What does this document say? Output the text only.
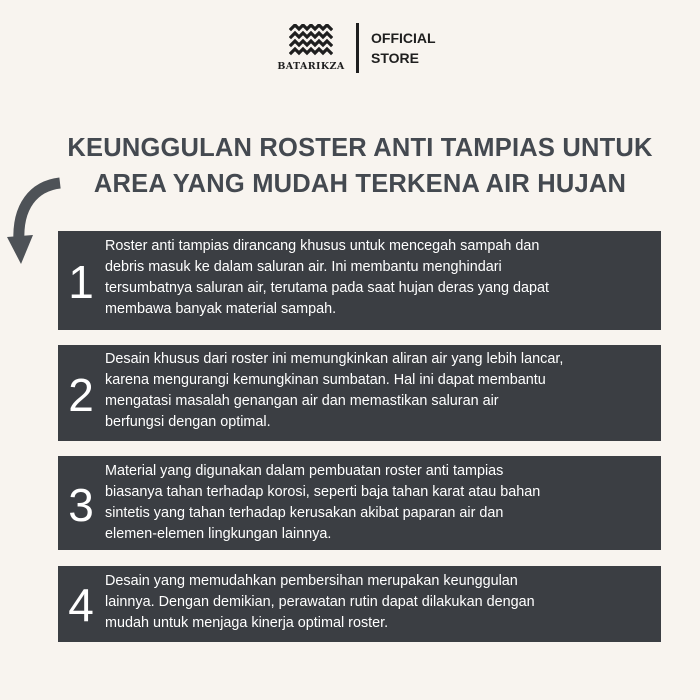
BATARIKZA
OFFICIAL
STORE
KEUNGGULAN ROSTER ANTI TAMPIAS UNTUK
AREA YANG MUDAH TERKENA AIR HUJAN
1
Roster anti tampias dirancang khusus untuk mencegah sampah dan
debris masuk ke dalam saluran air. Ini membantu menghindari
tersumbatnya saluran air, terutama pada saat hujan deras yang dapat
membawa banyak material sampah.
2
Desain khusus dari roster ini memungkinkan aliran air yang lebih lancar,
karena mengurangi kemungkinan sumbatan. Hal ini dapat membantu
mengatasi masalah genangan air dan memastikan saluran air
berfungsi dengan optimal.
3
Material yang digunakan dalam pembuatan roster anti tampias
biasanya tahan terhadap korosi, seperti baja tahan karat atau bahan
sintetis yang tahan terhadap kerusakan akibat paparan air dan
elemen-elemen lingkungan lainnya.
4 Desain yang memudahkan pembersihan merupakan keunggulan
lainnya. Dengan demikian, perawatan rutin dapat dilakukan dengan
mudah untuk menjaga kinerja optimal roster.
